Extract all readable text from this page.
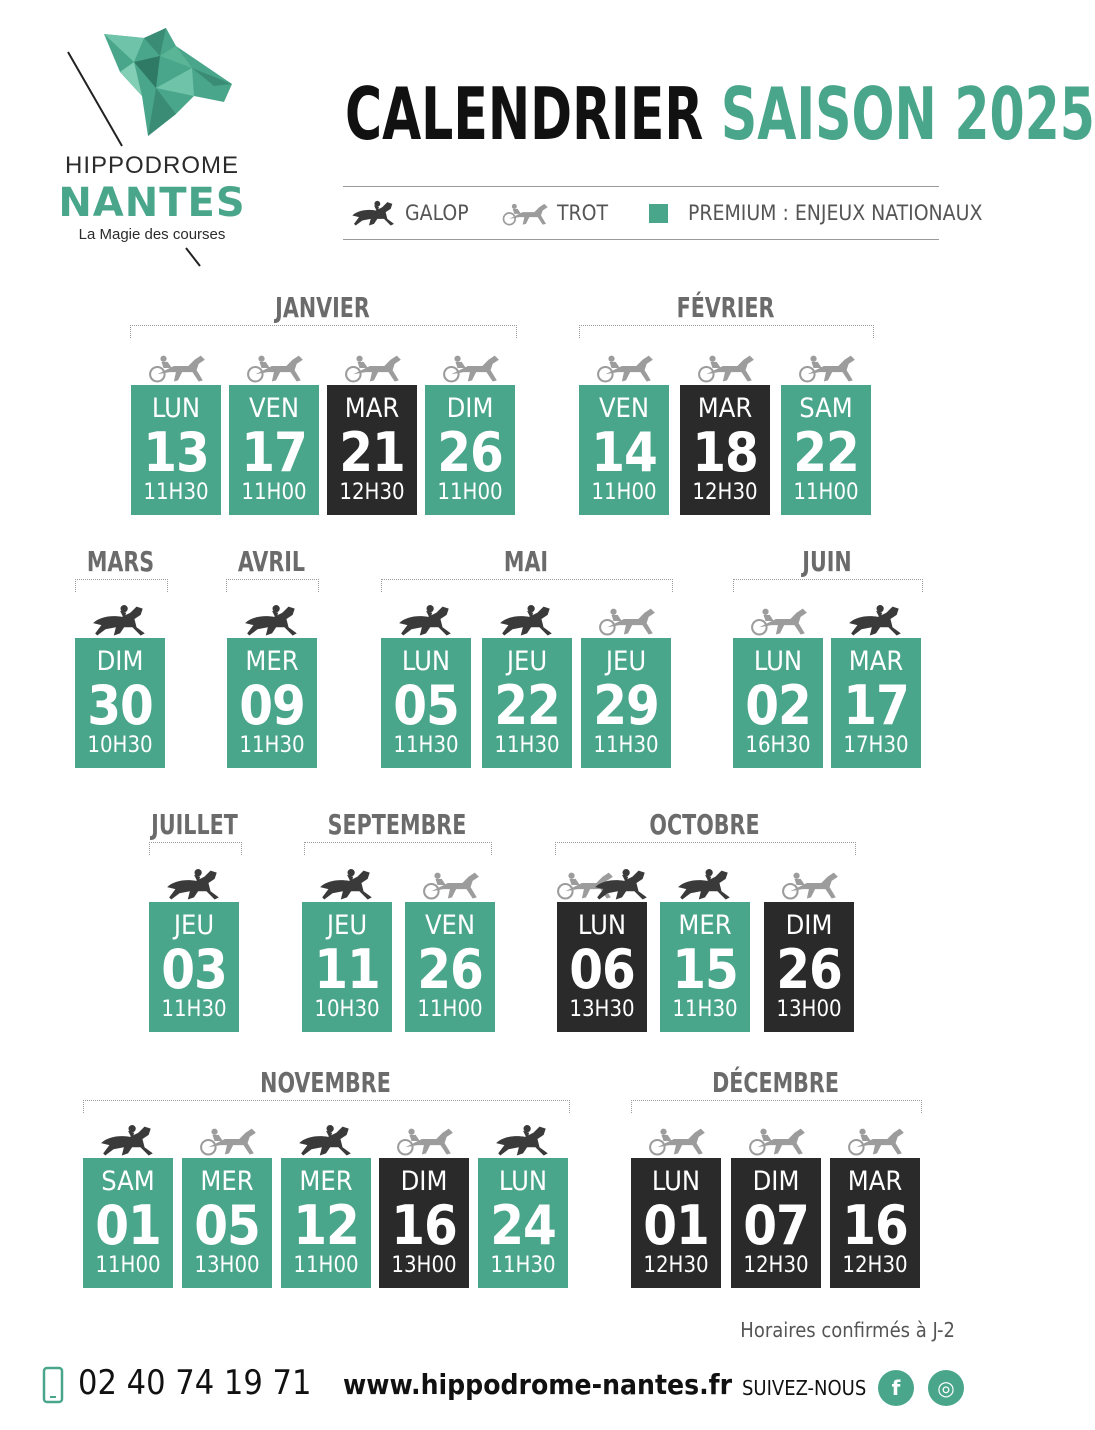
HIPPODROME
NANTES
La Magie des courses
CALENDRIER SAISON 2025
GALOP	TROT	PREMIUM : ENJEUX NATIONAUX
JANVIER
LUN
13
11H30
VEN
17
11H00
MAR
21
12H30
DIM
26
11H00
FÉVRIER
VEN
14
11H00
MAR
18
12H30
SAM
22
11H00
MARS
DIM
30
10H30
AVRIL
MER
09
11H30
MAI
LUN
05
11H30
JEU
22
11H30
JEU
29
11H30
JUIN
LUN
02
16H30
MAR
17
17H30
JUILLET
JEU
03
11H30
SEPTEMBRE
JEU
11
10H30
VEN
26
11H00
OCTOBRE
LUN
06
13H30
MER
15
11H30
DIM
26
13H00
NOVEMBRE
SAM
01
11H00
MER
05
13H00
MER
12
11H00
DIM
16
13H00
LUN
24
11H30
DÉCEMBRE
LUN
01
12H30
DIM
07
12H30
MAR
16
12H30
Horaires confirmés à J-2
02 40 74 19 71 www.hippodrome-nantes.fr SUIVEZ-NOUS	f	◎
